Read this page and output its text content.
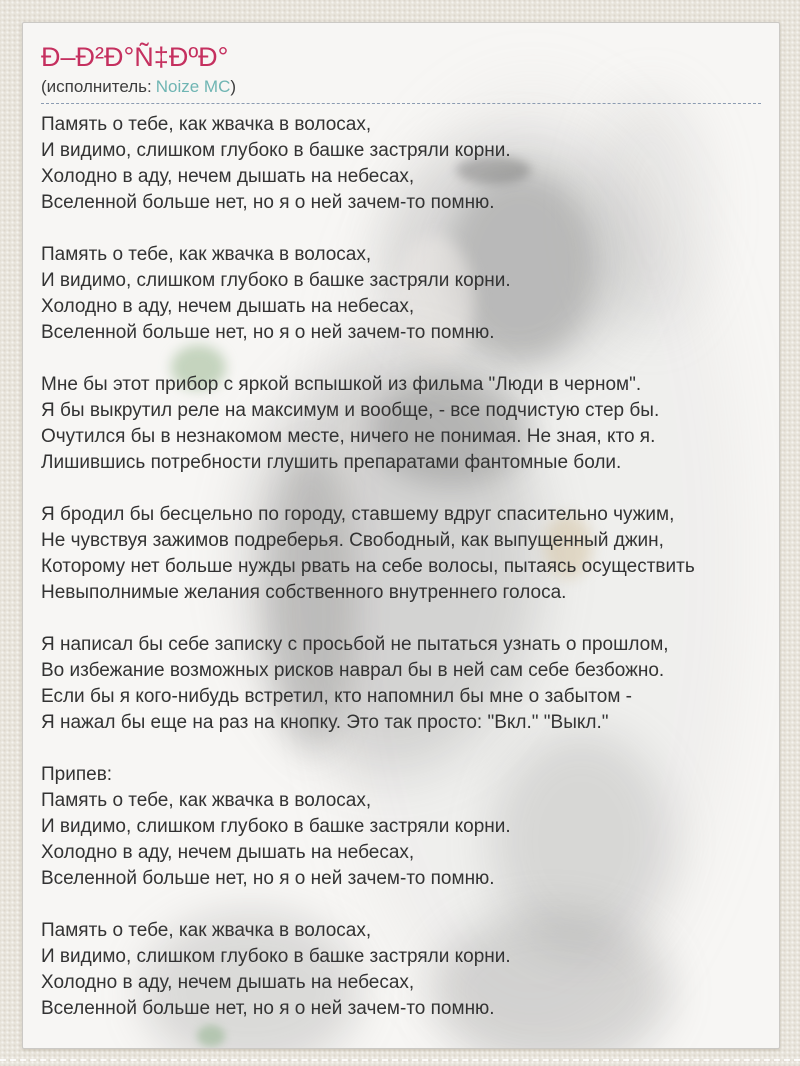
Ð–Ð²Ð°Ñ‡ÐºÐ°

(исполнитель: Noize MC)

Память о тебе, как жвачка в волосах,
И видимо, слишком глубоко в башке застряли корни.
Холодно в аду, нечем дышать на небесах,
Вселенной больше нет, но я о ней зачем-то помню.
Память о тебе, как жвачка в волосах,
И видимо, слишком глубоко в башке застряли корни.
Холодно в аду, нечем дышать на небесах,
Вселенной больше нет, но я о ней зачем-то помню.
Мне бы этот прибор с яркой вспышкой из фильма "Люди в черном".
Я бы выкрутил реле на максимум и вообще, - все подчистую стер бы.
Очутился бы в незнакомом месте, ничего не понимая. Не зная, кто я.
Лишившись потребности глушить препаратами фантомные боли.
Я бродил бы бесцельно по городу, ставшему вдруг спасительно чужим,
Не чувствуя зажимов подреберья. Свободный, как выпущенный джин,
Которому нет больше нужды рвать на себе волосы, пытаясь осуществить
Невыполнимые желания собственного внутреннего голоса.
Я написал бы себе записку с просьбой не пытаться узнать о прошлом,
Во избежание возможных рисков наврал бы в ней сам себе безбожно.
Если бы я кого-нибудь встретил, кто напомнил бы мне о забытом -
Я нажал бы еще на раз на кнопку. Это так просто: "Вкл." "Выкл."
Припев:
Память о тебе, как жвачка в волосах,
И видимо, слишком глубоко в башке застряли корни.
Холодно в аду, нечем дышать на небесах,
Вселенной больше нет, но я о ней зачем-то помню.
Память о тебе, как жвачка в волосах,
И видимо, слишком глубоко в башке застряли корни.
Холодно в аду, нечем дышать на небесах,
Вселенной больше нет, но я о ней зачем-то помню.
